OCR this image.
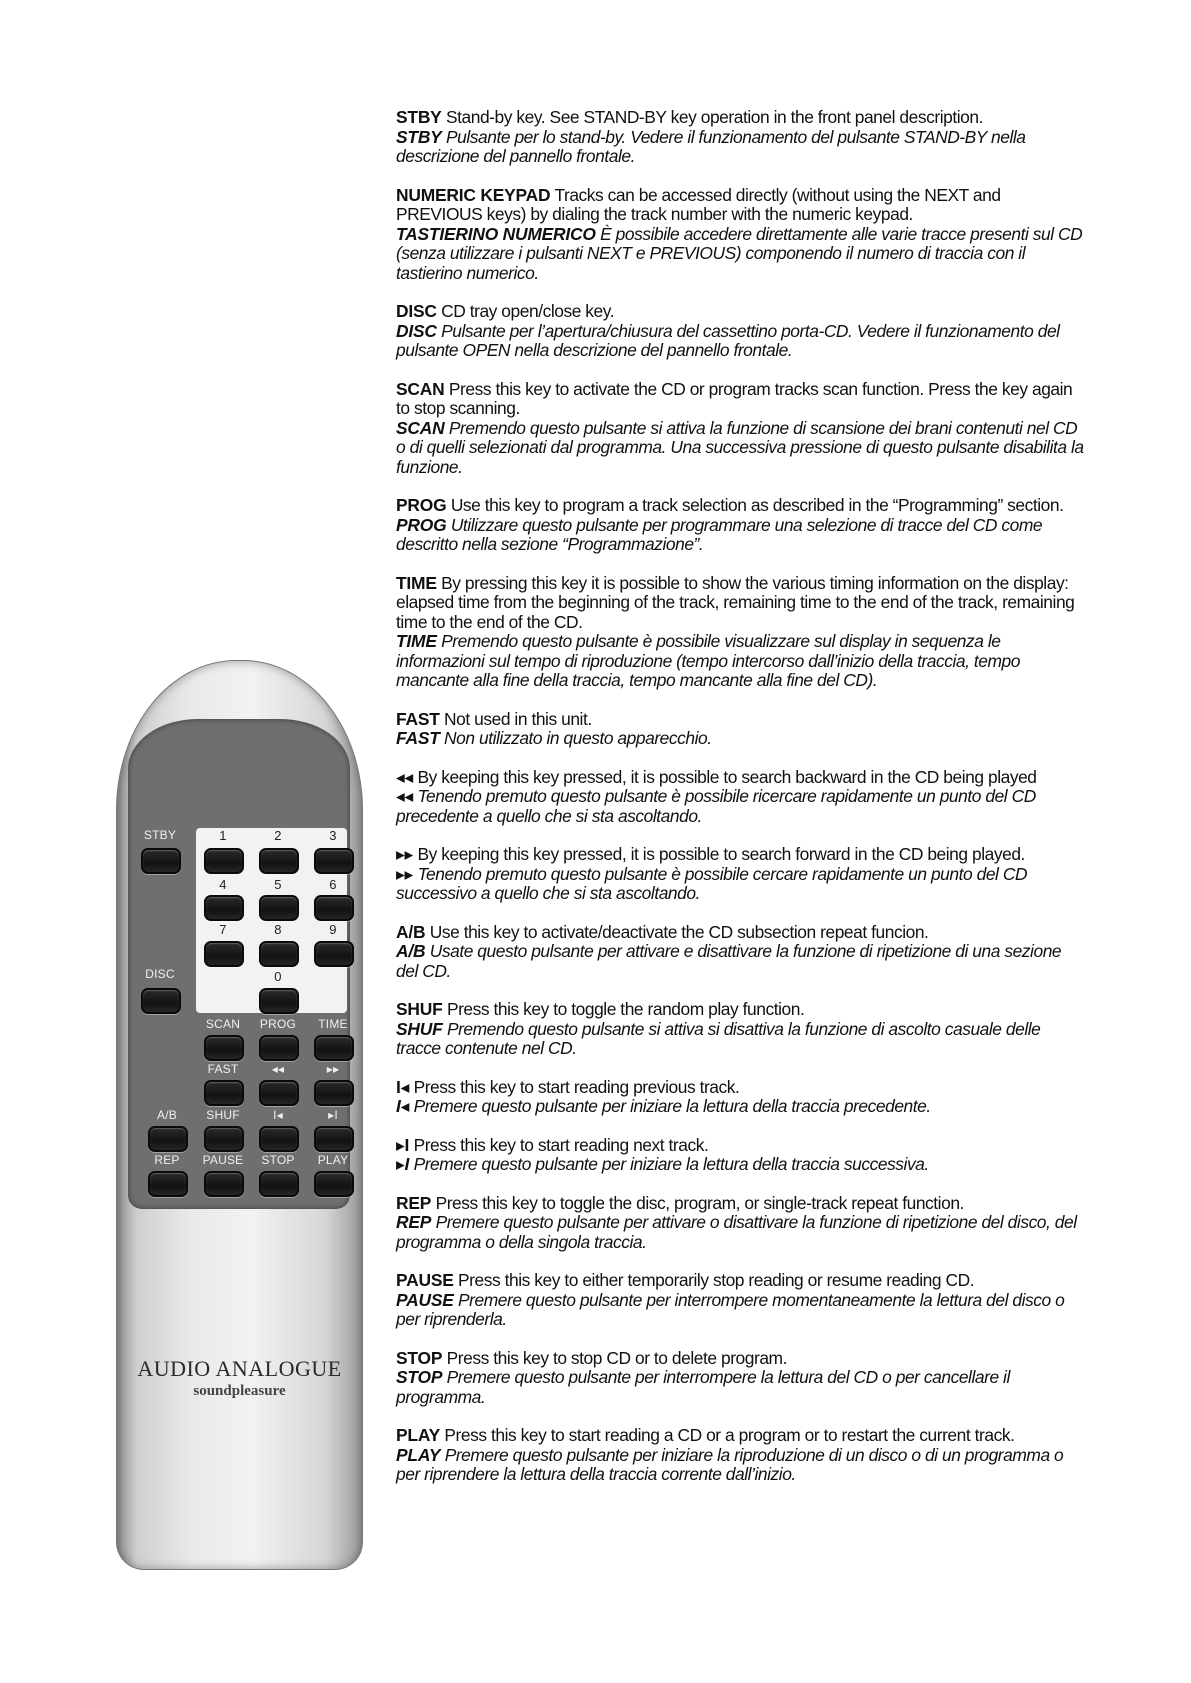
STBY	1	2	3
4	5	6
7	8	9
DISC	0
SCAN	PROG	TIME
FAST	◂◂	▸▸
A/B	SHUF	I◂	▸I
REP	PAUSE	STOP	PLAY
AUDIO ANALOGUE
soundpleasure

STBY Stand-by key. See STAND-BY key operation in the front panel description.

STBY Pulsante per lo stand-by. Vedere il funzionamento del pulsante STAND-BY nella descrizione del pannello frontale.

NUMERIC KEYPAD Tracks can be accessed directly (without using the NEXT and PREVIOUS keys) by dialing the track number with the numeric keypad.

TASTIERINO NUMERICO È possibile accedere direttamente alle varie tracce presenti sul CD (senza utilizzare i pulsanti NEXT e PREVIOUS) componendo il numero di traccia con il tastierino numerico.

DISC CD tray open/close key.

DISC Pulsante per l’apertura/chiusura del cassettino porta-CD. Vedere il funzionamento del pulsante OPEN nella descrizione del pannello frontale.

SCAN Press this key to activate the CD or program tracks scan function. Press the key again to stop scanning.

SCAN Premendo questo pulsante si attiva la funzione di scansione dei brani contenuti nel CD o di quelli selezionati dal programma. Una successiva pressione di questo pulsante disabilita la funzione.

PROG Use this key to program a track selection as described in the “Programming” section.

PROG Utilizzare questo pulsante per programmare una selezione di tracce del CD come descritto nella sezione “Programmazione”.

TIME By pressing this key it is possible to show the various timing information on the display: elapsed time from the beginning of the track, remaining time to the end of the track, remaining time to the end of the CD.

TIME Premendo questo pulsante è possibile visualizzare sul display in sequenza le informazioni sul tempo di riproduzione (tempo intercorso dall’inizio della traccia, tempo mancante alla fine della traccia, tempo mancante alla fine del CD).

FAST Not used in this unit.

FAST Non utilizzato in questo apparecchio.

◂◂ By keeping this key pressed, it is possible to search backward in the CD being played

◂◂ Tenendo premuto questo pulsante è possibile ricercare rapidamente un punto del CD precedente a quello che si sta ascoltando.

▸▸ By keeping this key pressed, it is possible to search forward in the CD being played.

▸▸ Tenendo premuto questo pulsante è possibile cercare rapidamente un punto del CD successivo a quello che si sta ascoltando.

A/B Use this key to activate/deactivate the CD subsection repeat funcion.

A/B Usate questo pulsante per attivare e disattivare la funzione di ripetizione di una sezione del CD.

SHUF Press this key to toggle the random play function.

SHUF Premendo questo pulsante si attiva si disattiva la funzione di ascolto casuale delle tracce contenute nel CD.

I◂ Press this key to start reading previous track.

I◂ Premere questo pulsante per iniziare la lettura della traccia precedente.

▸I Press this key to start reading next track.

▸I Premere questo pulsante per iniziare la lettura della traccia successiva.

REP Press this key to toggle the disc, program, or single-track repeat function.

REP Premere questo pulsante per attivare o disattivare la funzione di ripetizione del disco, del programma o della singola traccia.

PAUSE Press this key to either temporarily stop reading or resume reading CD.

PAUSE Premere questo pulsante per interrompere momentaneamente la lettura del disco o per riprenderla.

STOP Press this key to stop CD or to delete program.

STOP Premere questo pulsante per interrompere la lettura del CD o per cancellare il programma.

PLAY Press this key to start reading a CD or a program or to restart the current track.

PLAY Premere questo pulsante per iniziare la riproduzione di un disco o di un programma o per riprendere la lettura della traccia corrente dall’inizio.
